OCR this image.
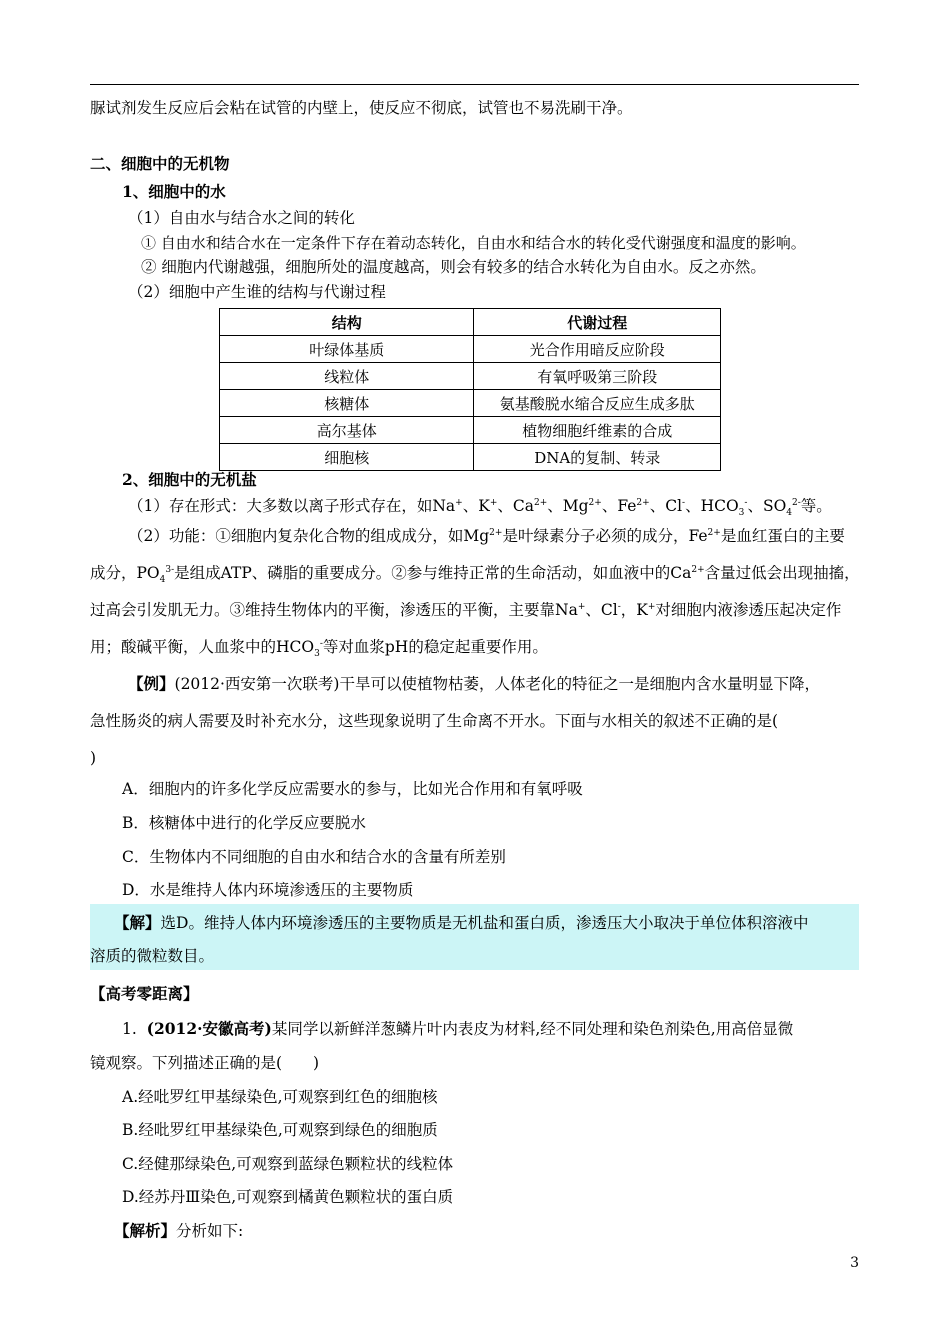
脲试剂发生反应后会粘在试管的内壁上，使反应不彻底，试管也不易洗刷干净。
二、细胞中的无机物
1、细胞中的水
（1）自由水与结合水之间的转化
① 自由水和结合水在一定条件下存在着动态转化，自由水和结合水的转化受代谢强度和温度的影响。
② 细胞内代谢越强，细胞所处的温度越高，则会有较多的结合水转化为自由水。反之亦然。
（2）细胞中产生谁的结构与代谢过程
结构	代谢过程
叶绿体基质	光合作用暗反应阶段
线粒体	有氧呼吸第三阶段
核糖体	氨基酸脱水缩合反应生成多肽
高尔基体	植物细胞纤维素的合成
细胞核	DNA的复制、转录
2、细胞中的无机盐
（1）存在形式：大多数以离子形式存在，如Na+、K+、$Ca^{2+}$、$Mg^{2+}$、$Fe^{2+}$、Cl-、$HCO_3^-$、$SO_4^{2-}$等。
（2）功能：①细胞内复杂化合物的组成成分，如$Mg^{2+}$是叶绿素分子必须的成分，$Fe^{2+}$是血红蛋白的主要
成分，$PO_4^{3-}$是组成ATP、磷脂的重要成分。②参与维持正常的生命活动，如血液中的$Ca^{2+}$含量过低会出现抽搐，
过高会引发肌无力。③维持生物体内的平衡，渗透压的平衡，主要靠Na+、Cl-，K+对细胞内液渗透压起决定作
用；酸碱平衡，人血浆中的$HCO_3^-$等对血浆pH的稳定起重要作用。
【例】(2012·西安第一次联考)干旱可以使植物枯萎，人体老化的特征之一是细胞内含水量明显下降，
急性肠炎的病人需要及时补充水分，这些现象说明了生命离不开水。下面与水相关的叙述不正确的是(
)
A．细胞内的许多化学反应需要水的参与，比如光合作用和有氧呼吸
B．核糖体中进行的化学反应要脱水
C．生物体内不同细胞的自由水和结合水的含量有所差别
D．水是维持人体内环境渗透压的主要物质
【解】选D。维持人体内环境渗透压的主要物质是无机盐和蛋白质，渗透压大小取决于单位体积溶液中
溶质的微粒数目。
【高考零距离】
1. (2012·安徽高考)某同学以新鲜洋葱鳞片叶内表皮为材料,经不同处理和染色剂染色,用高倍显微
镜观察。下列描述正确的是(　　)
A.经吡罗红甲基绿染色,可观察到红色的细胞核
B.经吡罗红甲基绿染色,可观察到绿色的细胞质
C.经健那绿染色,可观察到蓝绿色颗粒状的线粒体
D.经苏丹Ⅲ染色,可观察到橘黄色颗粒状的蛋白质
【解析】分析如下:
3
